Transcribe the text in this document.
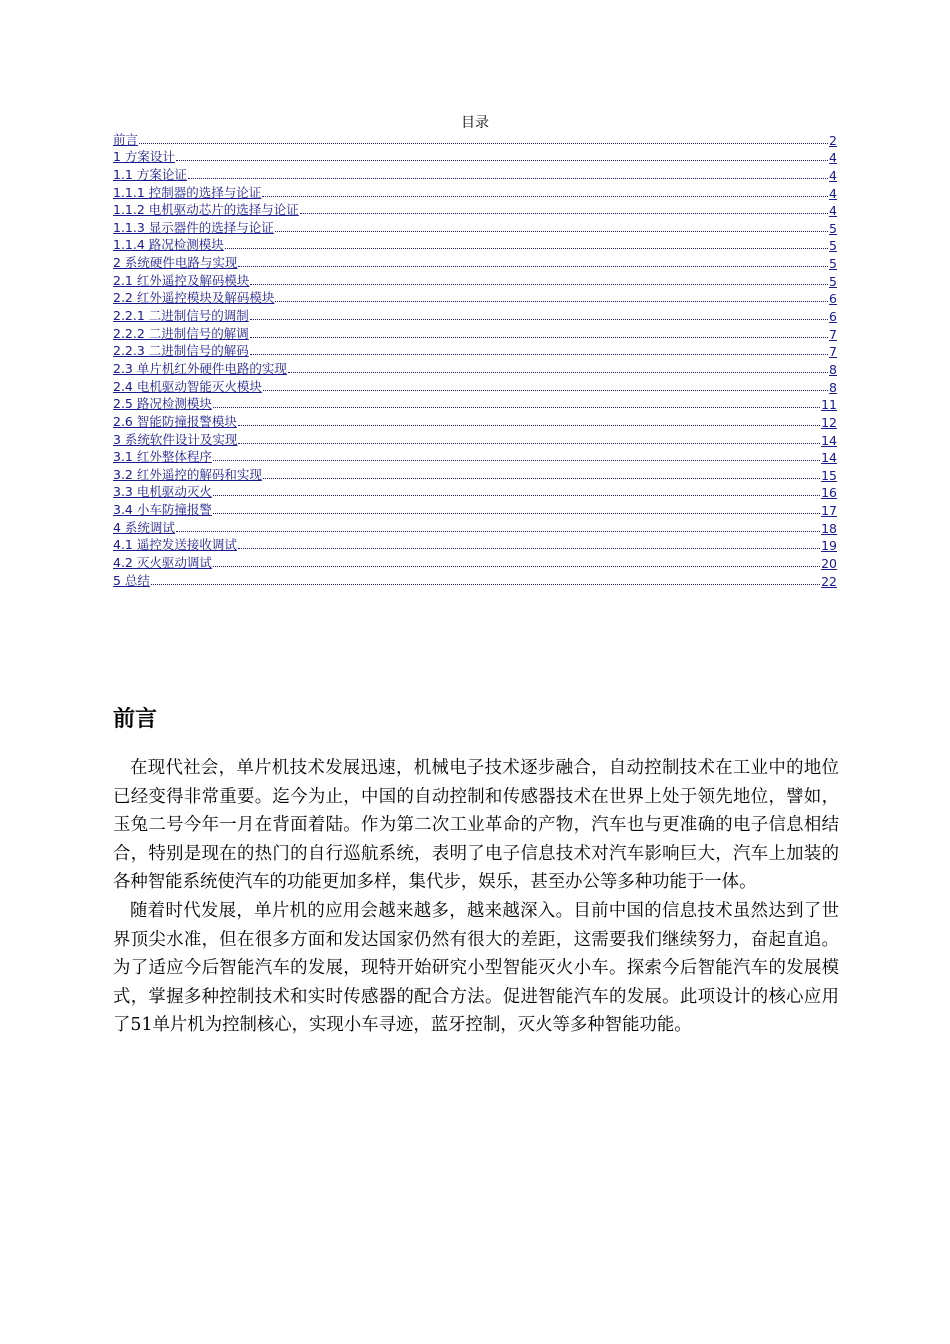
目录
前言	2
1 方案设计	4
1.1 方案论证	4
1.1.1 控制器的选择与论证	4
1.1.2 电机驱动芯片的选择与论证	4
1.1.3 显示器件的选择与论证	5
1.1.4 路况检测模块	5
2 系统硬件电路与实现	5
2.1 红外遥控及解码模块	5
2.2 红外遥控模块及解码模块	6
2.2.1 二进制信号的调制	6
2.2.2 二进制信号的解调	7
2.2.3 二进制信号的解码	7
2.3 单片机红外硬件电路的实现	8
2.4 电机驱动智能灭火模块	8
2.5 路况检测模块	11
2.6 智能防撞报警模块	12
3 系统软件设计及实现	14
3.1 红外整体程序	14
3.2 红外遥控的解码和实现	15
3.3 电机驱动灭火	16
3.4 小车防撞报警	17
4 系统调试	18
4.1 遥控发送接收调试	19
4.2 灭火驱动调试	20
5 总结	22
前言

在现代社会，单片机技术发展迅速，机械电子技术逐步融合，自动控制技术在工业中的地位已经变得非常重要。迄今为止，中国的自动控制和传感器技术在世界上处于领先地位，譬如，玉兔二号今年一月在背面着陆。作为第二次工业革命的产物，汽车也与更准确的电子信息相结合，特别是现在的热门的自行巡航系统，表明了电子信息技术对汽车影响巨大，汽车上加装的各种智能系统使汽车的功能更加多样，集代步，娱乐，甚至办公等多种功能于一体。

随着时代发展，单片机的应用会越来越多，越来越深入。目前中国的信息技术虽然达到了世界顶尖水准，但在很多方面和发达国家仍然有很大的差距，这需要我们继续努力，奋起直追。为了适应今后智能汽车的发展，现特开始研究小型智能灭火小车。探索今后智能汽车的发展模式，掌握多种控制技术和实时传感器的配合方法。促进智能汽车的发展。此项设计的核心应用了51单片机为控制核心，实现小车寻迹，蓝牙控制，灭火等多种智能功能。
